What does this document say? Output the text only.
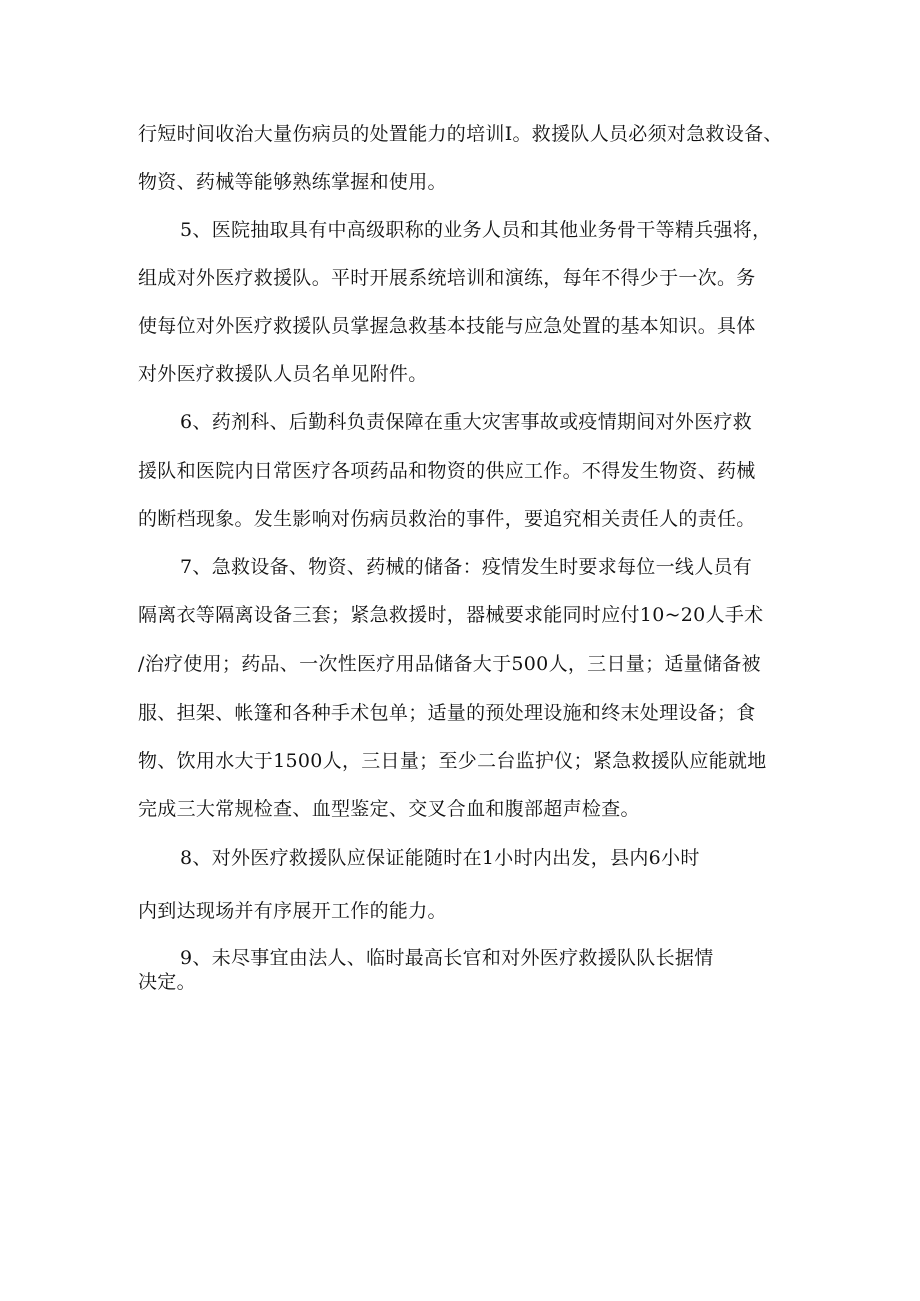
行短时间收治大量伤病员的处置能力的培训I。救援队人员必须对急救设备、
物资、药械等能够熟练掌握和使用。
5、医院抽取具有中高级职称的业务人员和其他业务骨干等精兵强将，
组成对外医疗救援队。平时开展系统培训和演练，每年不得少于一次。务
使每位对外医疗救援队员掌握急救基本技能与应急处置的基本知识。具体
对外医疗救援队人员名单见附件。
6、药剂科、后勤科负责保障在重大灾害事故或疫情期间对外医疗救
援队和医院内日常医疗各项药品和物资的供应工作。不得发生物资、药械
的断档现象。发生影响对伤病员救治的事件，要追究相关责任人的责任。
7、急救设备、物资、药械的储备：疫情发生时要求每位一线人员有
隔离衣等隔离设备三套；紧急救援时，器械要求能同时应付10~20人手术
/治疗使用；药品、一次性医疗用品储备大于500人，三日量；适量储备被
服、担架、帐篷和各种手术包单；适量的预处理设施和终末处理设备；食
物、饮用水大于1500人，三日量；至少二台监护仪；紧急救援队应能就地
完成三大常规检查、血型鉴定、交叉合血和腹部超声检查。
8、对外医疗救援队应保证能随时在1小时内出发，县内6小时
内到达现场并有序展开工作的能力。
9、未尽事宜由法人、临时最高长官和对外医疗救援队队长据情
决定。
